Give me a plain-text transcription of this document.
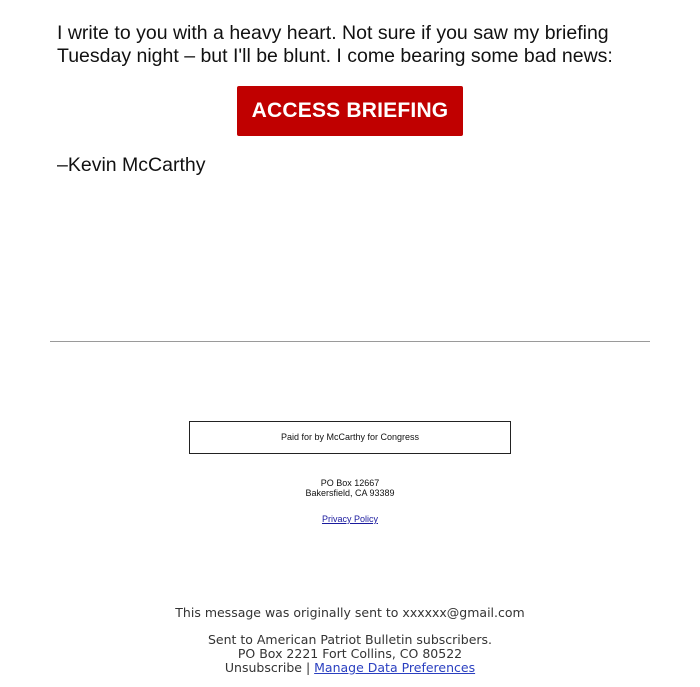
I write to you with a heavy heart. Not sure if you saw my briefing Tuesday night – but I'll be blunt. I come bearing some bad news:

ACCESS BRIEFING

–Kevin McCarthy

Paid for by McCarthy for Congress
PO Box 12667
Bakersfield, CA 93389
Privacy Policy

This message was originally sent to xxxxxx@gmail.com

Sent to American Patriot Bulletin subscribers.
PO Box 2221 Fort Collins, CO 80522
Unsubscribe | Manage Data Preferences
